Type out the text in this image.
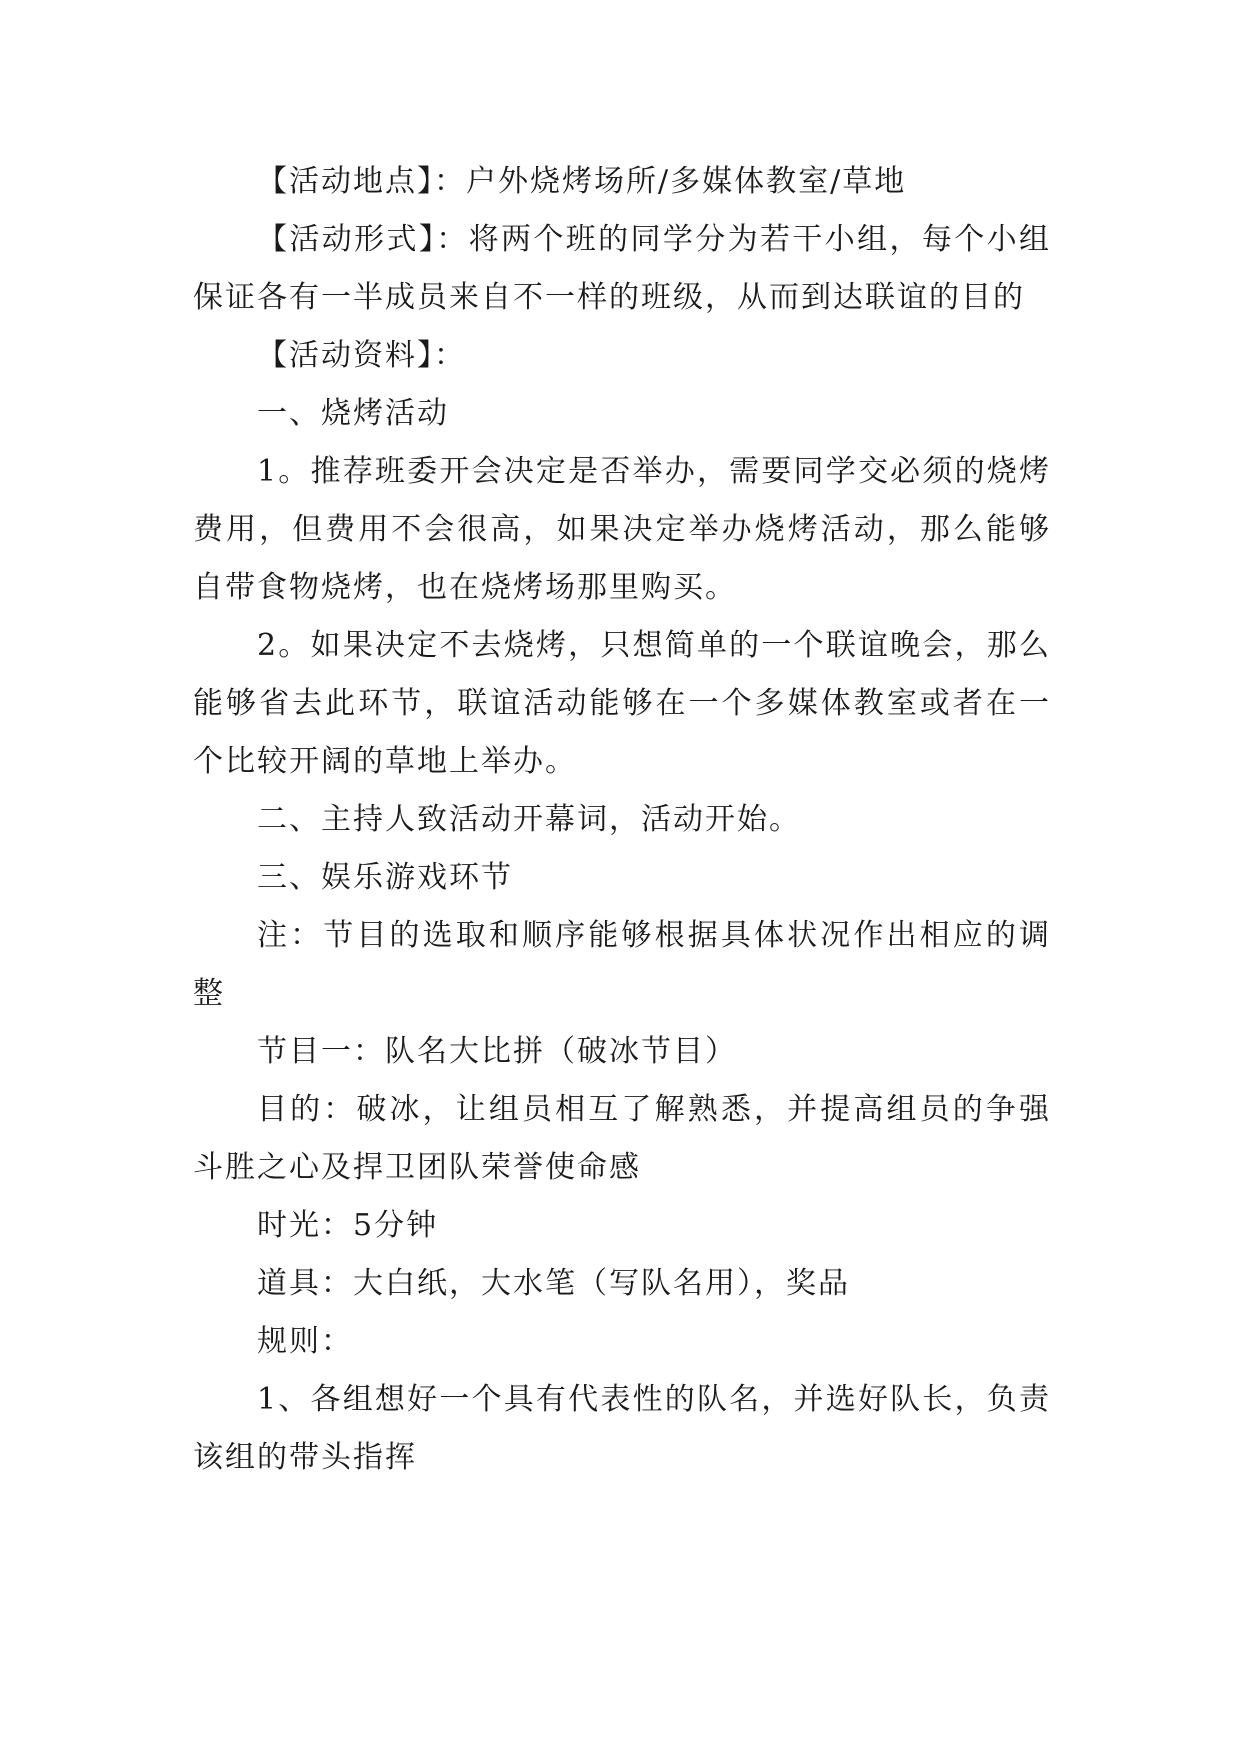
【活动地点】：户外烧烤场所/多媒体教室/草地

【活动形式】：将两个班的同学分为若干小组，每个小组保证各有一半成员来自不一样的班级，从而到达联谊的目的

【活动资料】：

一、烧烤活动

1。推荐班委开会决定是否举办，需要同学交必须的烧烤费用，但费用不会很高，如果决定举办烧烤活动，那么能够自带食物烧烤，也在烧烤场那里购买。

2。如果决定不去烧烤，只想简单的一个联谊晚会，那么能够省去此环节，联谊活动能够在一个多媒体教室或者在一个比较开阔的草地上举办。

二、主持人致活动开幕词，活动开始。

三、娱乐游戏环节

注：节目的选取和顺序能够根据具体状况作出相应的调整

节目一：队名大比拼（破冰节目）

目的：破冰，让组员相互了解熟悉，并提高组员的争强斗胜之心及捍卫团队荣誉使命感

时光：5分钟

道具：大白纸，大水笔（写队名用），奖品

规则：

1、各组想好一个具有代表性的队名，并选好队长，负责该组的带头指挥
